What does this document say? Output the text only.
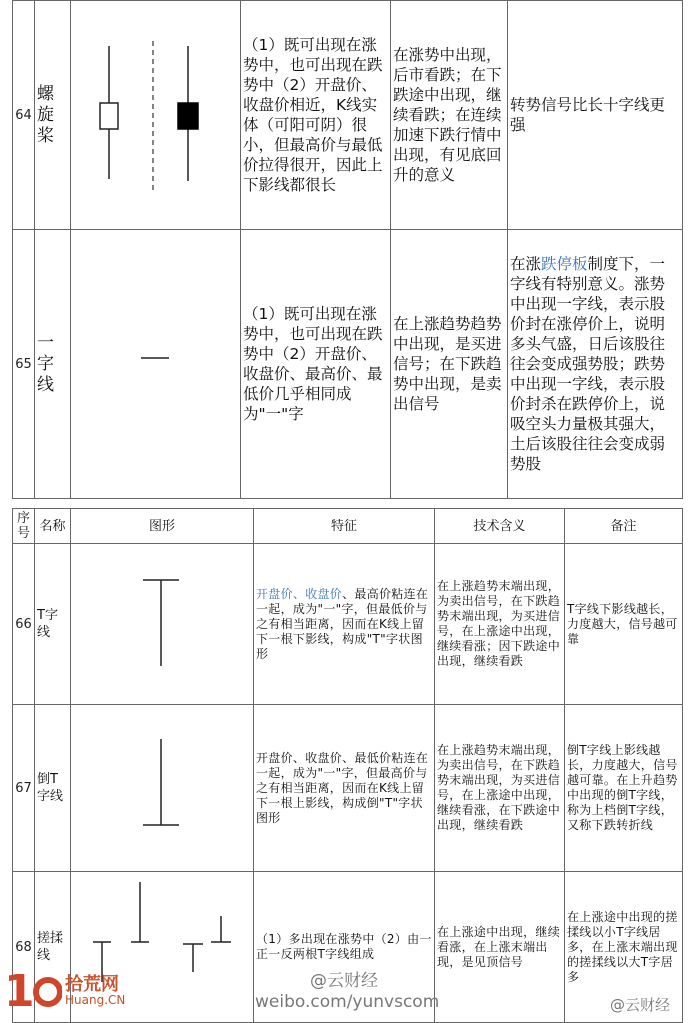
64	螺旋桨		（1）既可出现在涨势中，也可出现在跌势中（2）开盘价、收盘价相近，K线实体（可阳可阴）很小，但最高价与最低价拉得很开，因此上下影线都很长	在涨势中出现，后市看跌；在下跌途中出现，继续看跌；在连续加速下跌行情中出现，有见底回升的意义	转势信号比长十字线更强
65	一字线		（1）既可出现在涨势中，也可出现在跌势中（2）开盘价、收盘价、最高价、最低价几乎相同成为"一"字	在上涨趋势趋势中出现，是买进信号；在下跌趋势中出现，是卖出信号	在涨跌停板制度下，一字线有特别意义。涨势中出现一字线，表示股价封在涨停价上，说明多头气盛，日后该股往往会变成强势股；跌势中出现一字线，表示股价封杀在跌停价上，说吸空头力量极其强大，土后该股往往会变成弱势股
序号	名称	图形	特征	技术含义	备注
66	T字线		开盘价、收盘价、最高价粘连在一起，成为"一"字，但最低价与之有相当距离，因而在K线上留下一根下影线，构成"T"字状图形	在上涨趋势末端出现，为卖出信号，在下跌趋势末端出现，为买进信号，在上涨途中出现，继续看涨；因下跌途中出现，继续看跌	T字线下影线越长，力度越大，信号越可靠
67	倒T字线		开盘价、收盘价、最低价粘连在一起，成为"一"字，但最高价与之有相当距离，因而在K线上留下一根上影线，构成倒"T"字状图形	在上涨趋势末端出现，为卖出信号，在下跌趋势末端出现，为买进信号，在上涨途中出现，继续看涨，在下跌途中出现，继续看跌	倒T字线上影线越长，力度越大，信号越可靠。在上升趋势中出现的倒T字线，称为上档倒T字线，又称下跌转折线
68	搓揉线		（1）多出现在涨势中（2）由一正一反两根T字线组成	在上涨途中出现，继续看涨，在上涨末端出现，是见顶信号	在上涨途中出现的搓揉线以小T字线居多，在上涨末端出现的搓揉线以大T字居多
1 拾荒网
Huang.CN
@云财经
weibo.com/yunvscom	@云财经
